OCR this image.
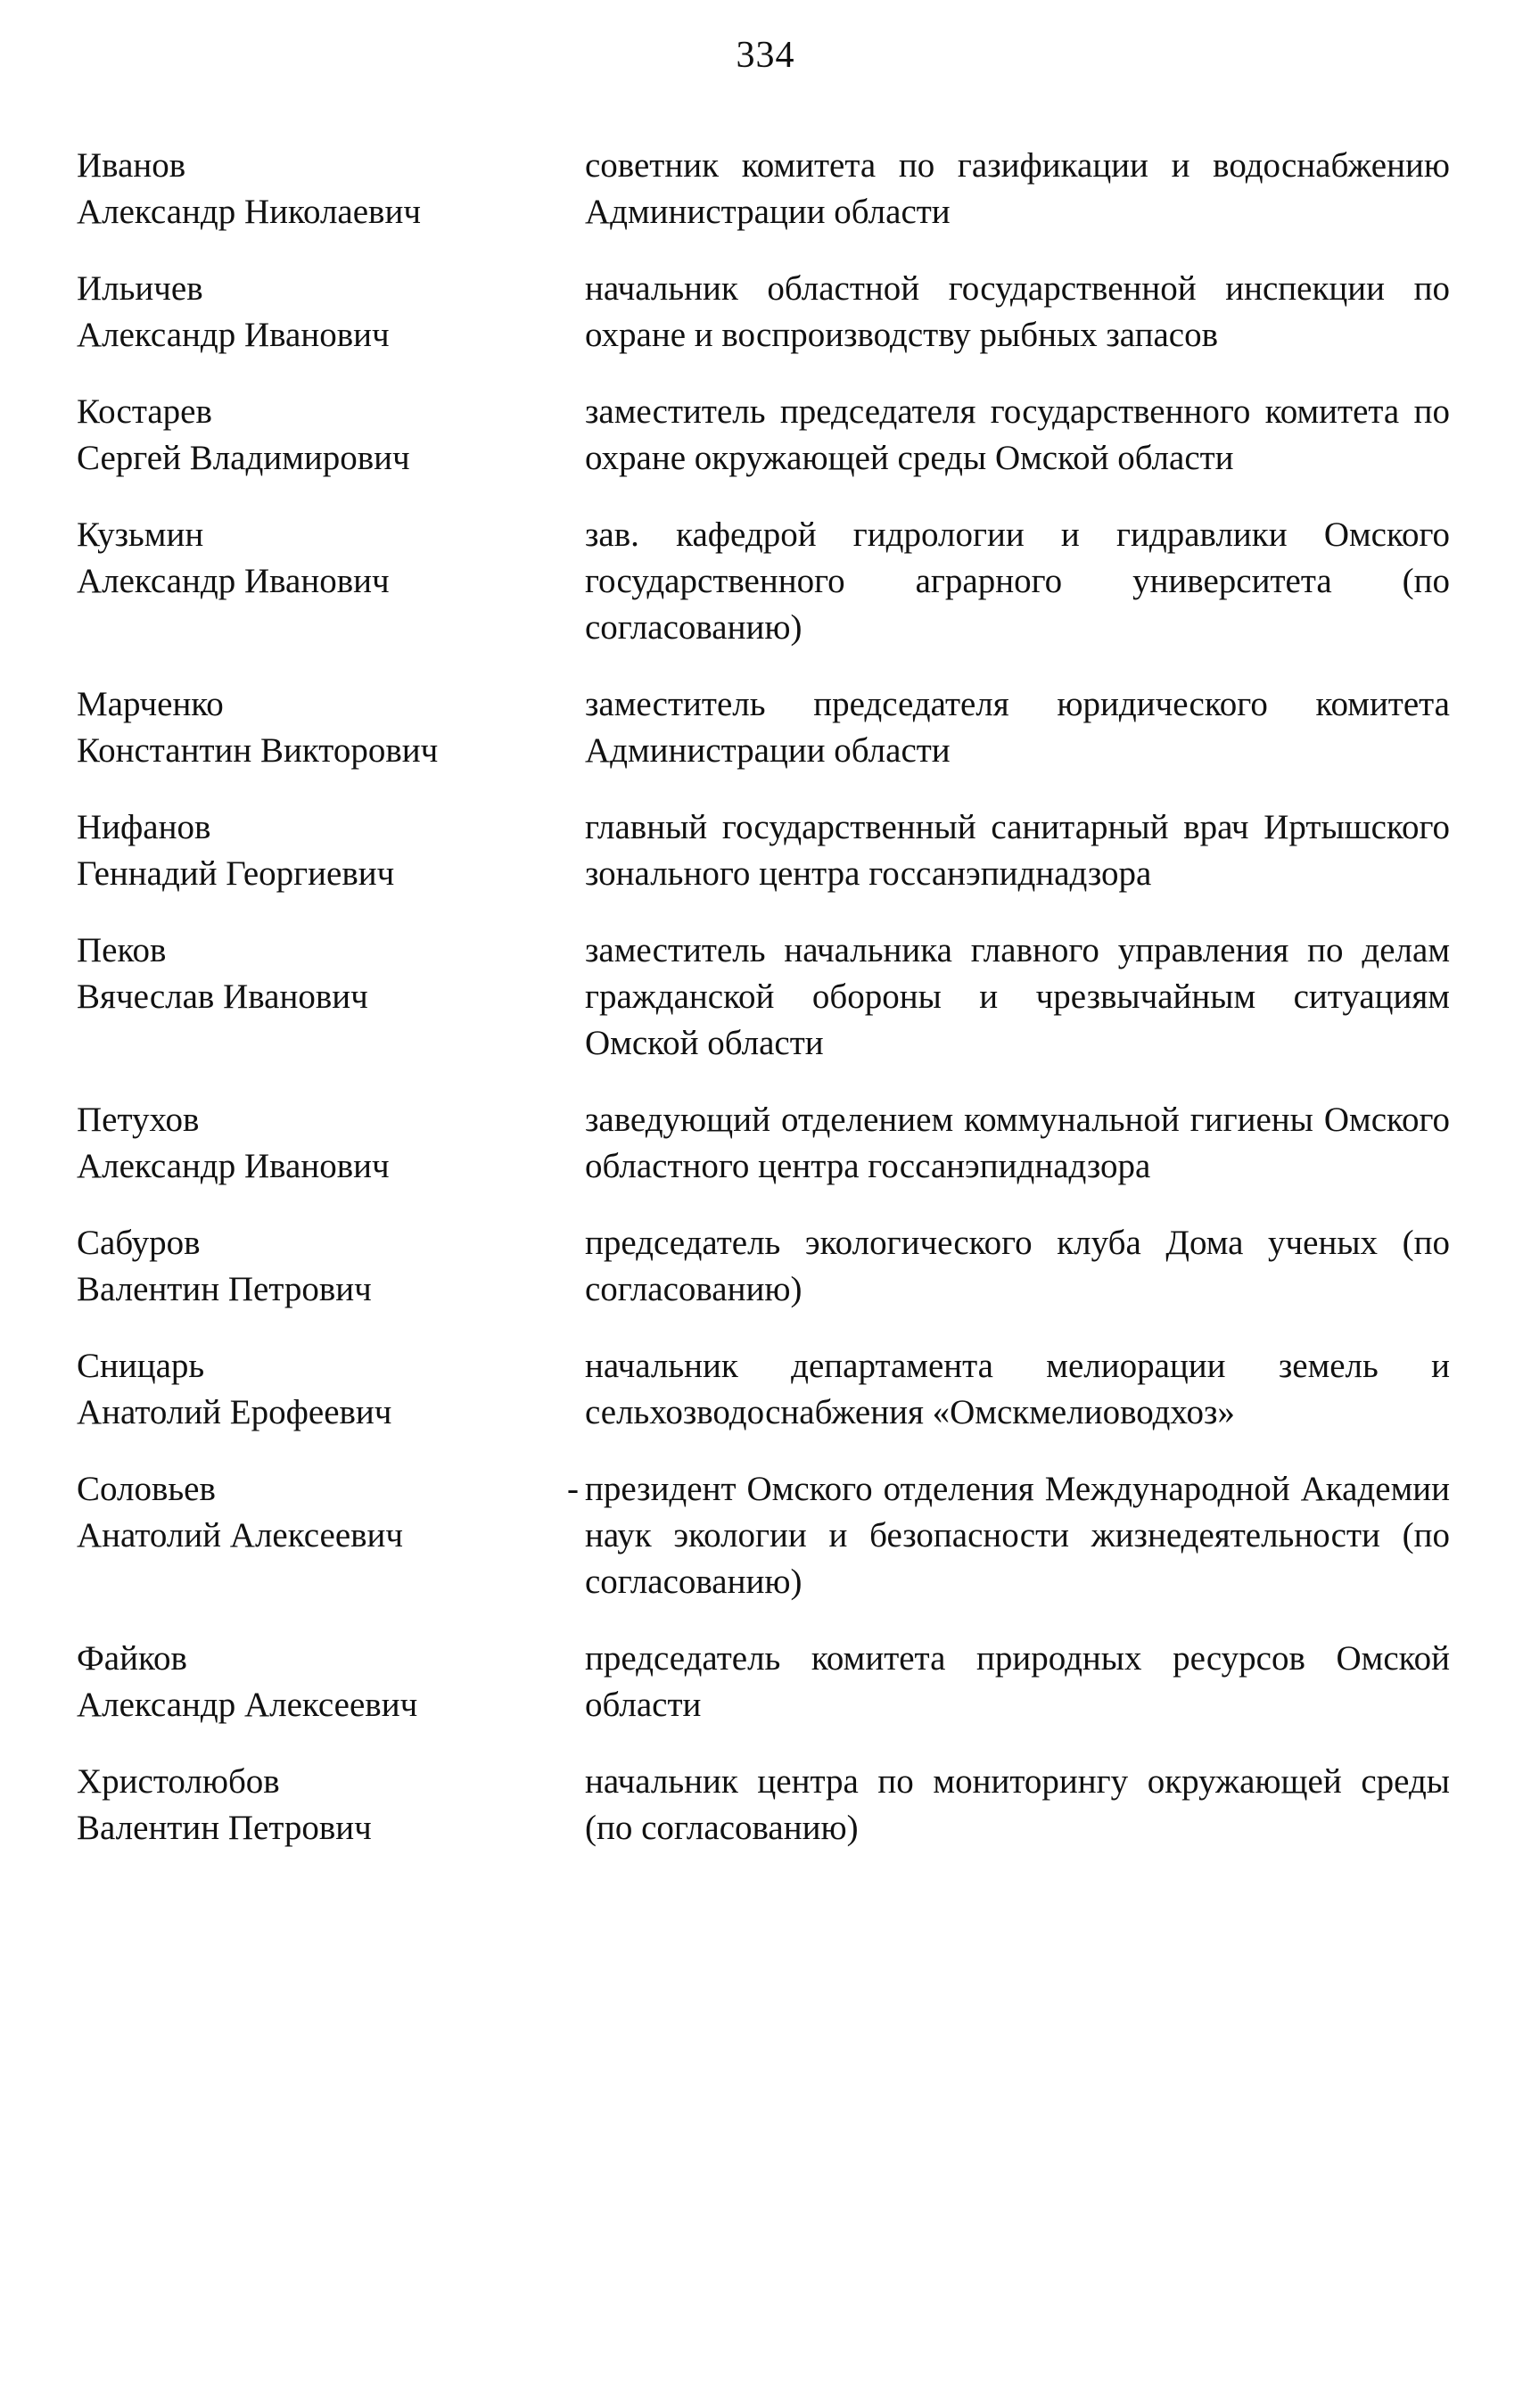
334
Иванов
Александр Николаевич
советник комитета по газификации и водоснабжению Администрации области
Ильичев
Александр Иванович
начальник областной государственной инспекции по охране и воспроизводству рыбных запасов
Костарев
Сергей Владимирович
заместитель председателя государственного комитета по охране окружающей среды Омской области
Кузьмин
Александр Иванович
зав. кафедрой гидрологии и гидравлики Омского государственного аграрного университета (по согласованию)
Марченко
Константин Викторович
заместитель председателя юридического комитета Администрации области
Нифанов
Геннадий Георгиевич
главный государственный санитарный врач Иртышского зонального центра госсанэпиднадзора
Пеков
Вячеслав Иванович
заместитель начальника главного управления по делам гражданской обороны и чрезвычайным ситуациям Омской области
Петухов
Александр Иванович
заведующий отделением коммунальной гигиены Омского областного центра госсанэпиднадзора
Сабуров
Валентин Петрович
председатель экологического клуба Дома ученых (по согласованию)
Сницарь
Анатолий Ерофеевич
начальник департамента мелиорации земель и сельхозводоснабжения «Омскмелиоводхоз»
Соловьев
Анатолий Алексеевич
- президент Омского отделения Международной Академии наук экологии и безопасности жизнедеятельности (по согласованию)
Файков
Александр Алексеевич
председатель комитета природных ресурсов Омской области
Христолюбов
Валентин Петрович
начальник центра по мониторингу окружающей среды (по согласованию)
